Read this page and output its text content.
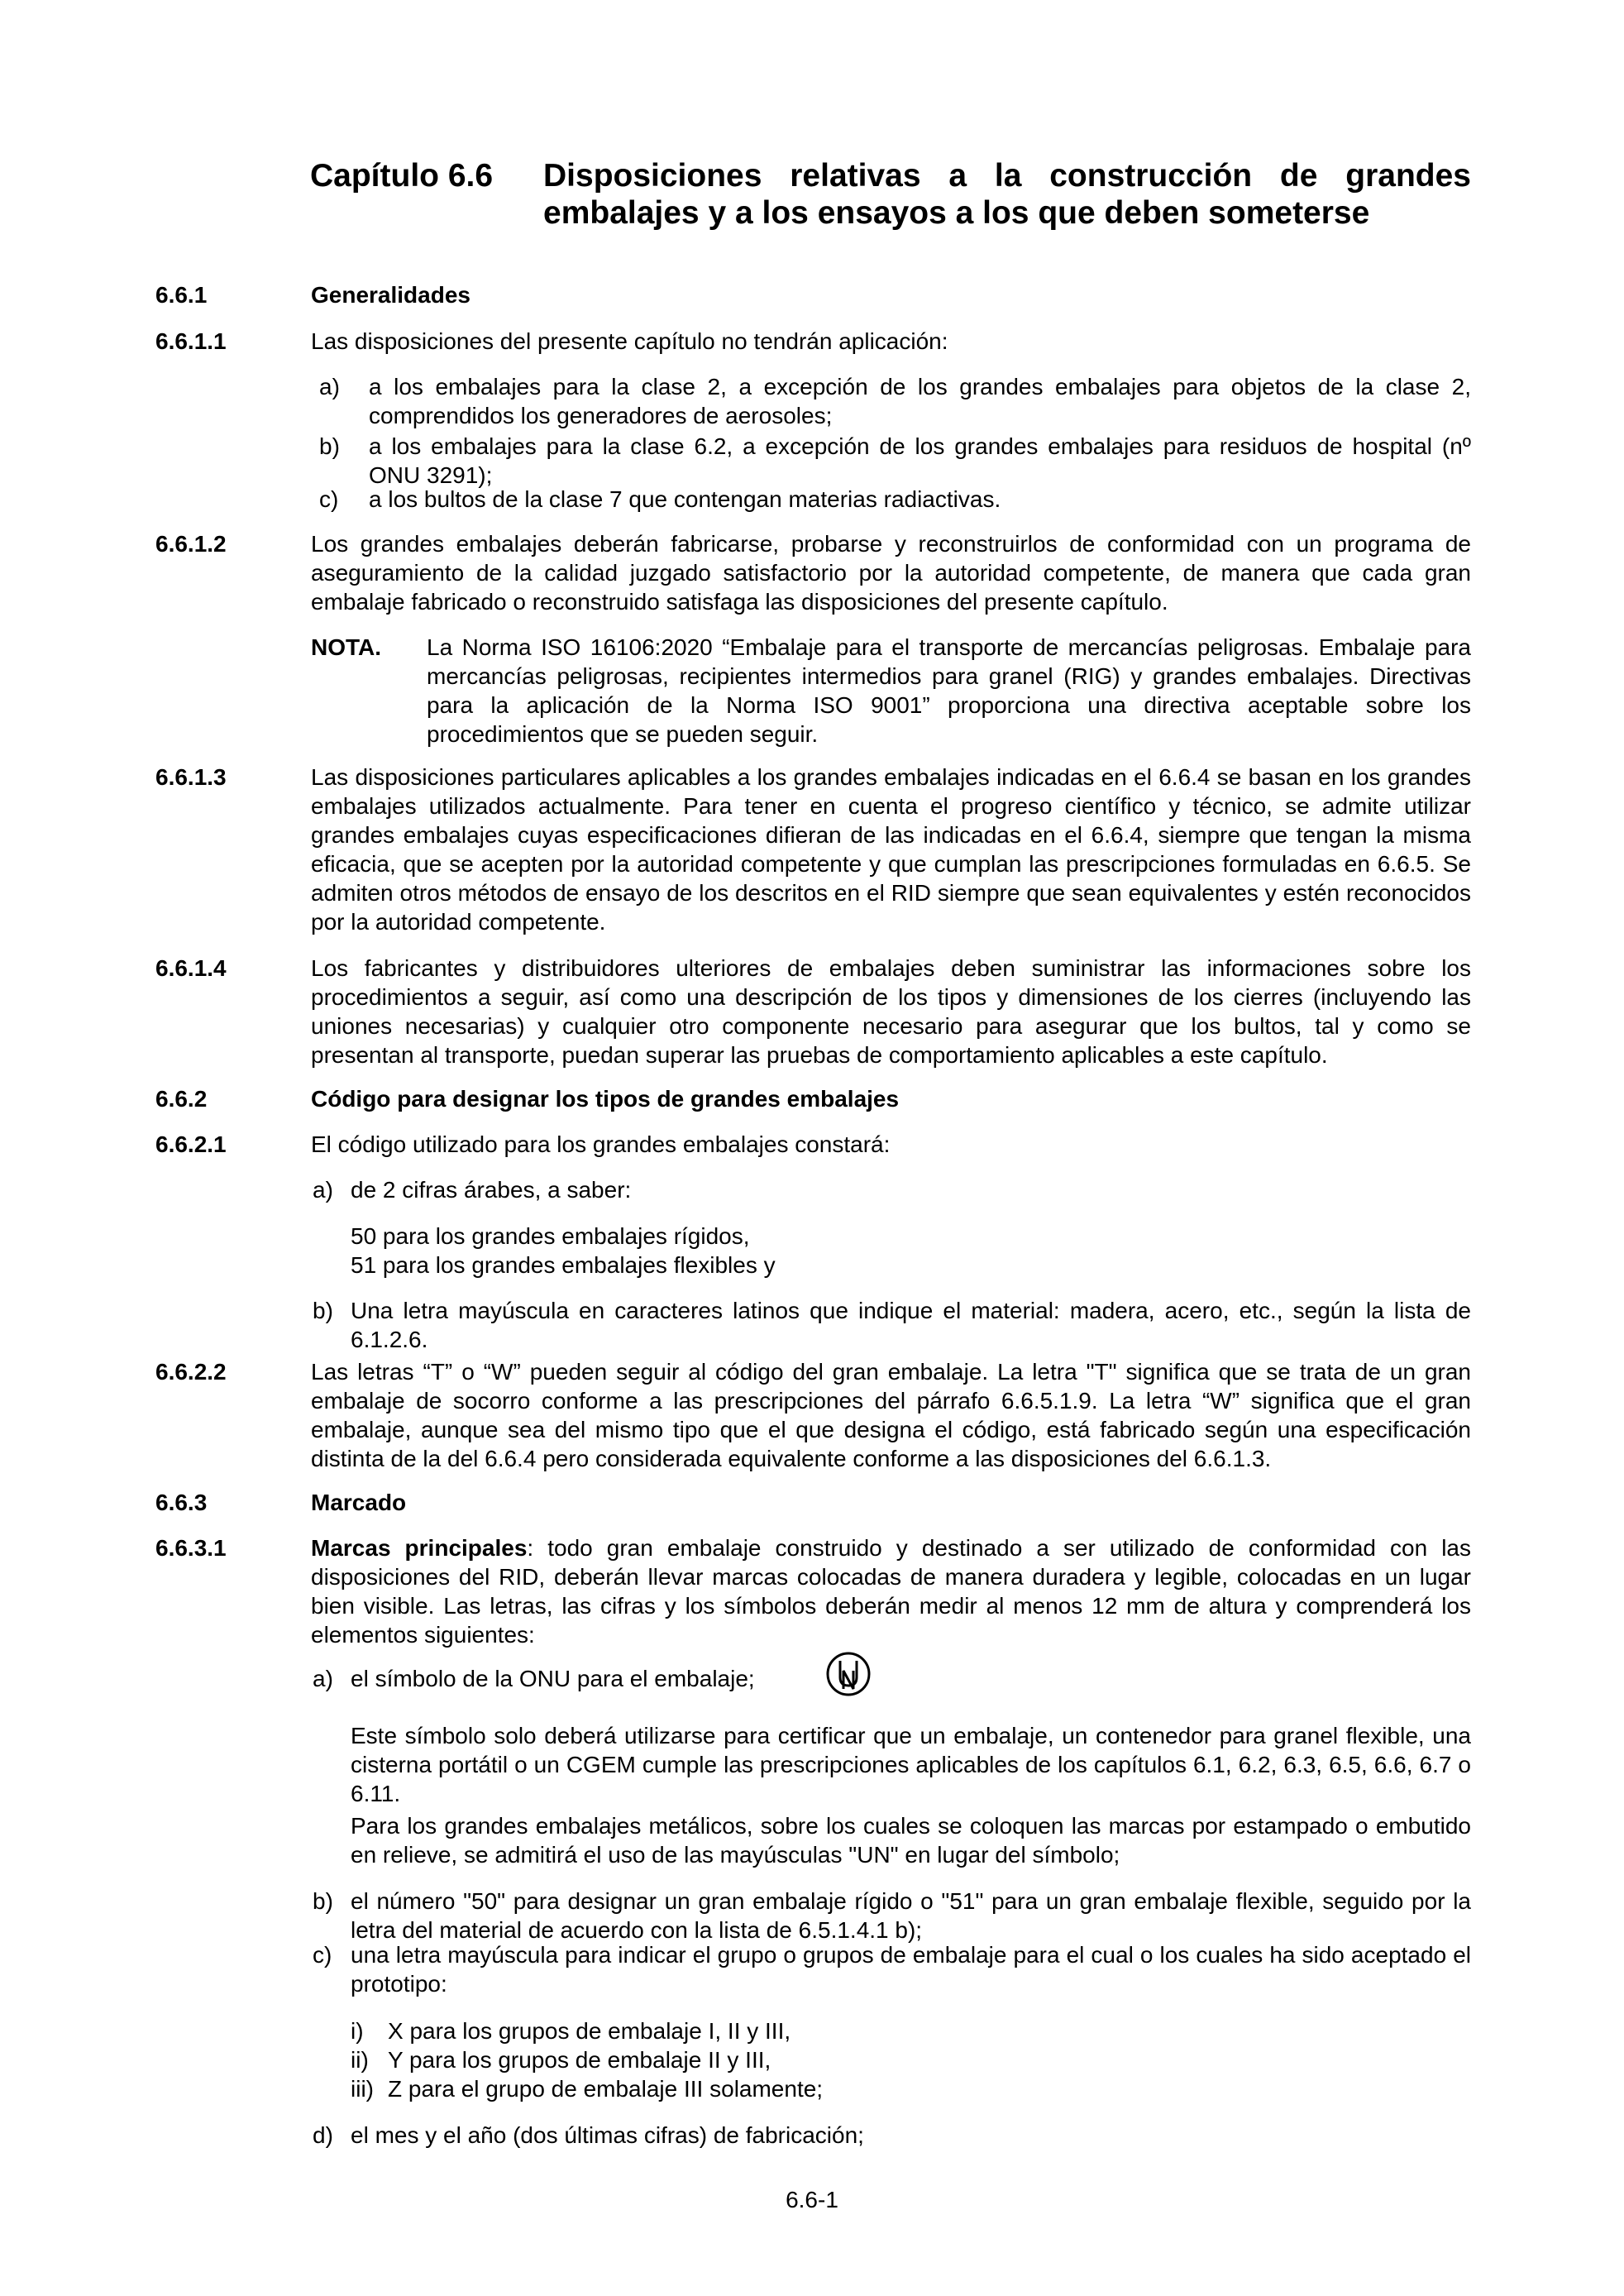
Capítulo 6.6 Disposiciones relativas a la construcción de grandes embalajes y a los ensayos a los que deben someterse
6.6.1	Generalidades
6.6.1.1	Las disposiciones del presente capítulo no tendrán aplicación:
a) a los embalajes para la clase 2, a excepción de los grandes embalajes para objetos de la clase 2, comprendidos los generadores de aerosoles;
b) a los embalajes para la clase 6.2, a excepción de los grandes embalajes para residuos de hospital (nº ONU 3291);
c) a los bultos de la clase 7 que contengan materias radiactivas.
6.6.1.2	Los grandes embalajes deberán fabricarse, probarse y reconstruirlos de conformidad con un programa de aseguramiento de la calidad juzgado satisfactorio por la autoridad competente, de manera que cada gran embalaje fabricado o reconstruido satisfaga las disposiciones del presente capítulo.
NOTA. La Norma ISO 16106:2020 “Embalaje para el transporte de mercancías peligrosas. Embalaje para mercancías peligrosas, recipientes intermedios para granel (RIG) y grandes embalajes. Directivas para la aplicación de la Norma ISO 9001” proporciona una directiva aceptable sobre los procedimientos que se pueden seguir.
6.6.1.3	Las disposiciones particulares aplicables a los grandes embalajes indicadas en el 6.6.4 se basan en los grandes embalajes utilizados actualmente. Para tener en cuenta el progreso científico y técnico, se admite utilizar grandes embalajes cuyas especificaciones difieran de las indicadas en el 6.6.4, siempre que tengan la misma eficacia, que se acepten por la autoridad competente y que cumplan las prescripciones formuladas en 6.6.5. Se admiten otros métodos de ensayo de los descritos en el RID siempre que sean equivalentes y estén reconocidos por la autoridad competente.
6.6.1.4	Los fabricantes y distribuidores ulteriores de embalajes deben suministrar las informaciones sobre los procedimientos a seguir, así como una descripción de los tipos y dimensiones de los cierres (incluyendo las uniones necesarias) y cualquier otro componente necesario para asegurar que los bultos, tal y como se presentan al transporte, puedan superar las pruebas de comportamiento aplicables a este capítulo.
6.6.2	Código para designar los tipos de grandes embalajes
6.6.2.1	El código utilizado para los grandes embalajes constará:
a) de 2 cifras árabes, a saber:
50 para los grandes embalajes rígidos,
51 para los grandes embalajes flexibles y
b) Una letra mayúscula en caracteres latinos que indique el material: madera, acero, etc., según la lista de 6.1.2.6.
6.6.2.2	Las letras “T” o “W” pueden seguir al código del gran embalaje. La letra "T" significa que se trata de un gran embalaje de socorro conforme a las prescripciones del párrafo 6.6.5.1.9. La letra “W” significa que el gran embalaje, aunque sea del mismo tipo que el que designa el código, está fabricado según una especificación distinta de la del 6.6.4 pero considerada equivalente conforme a las disposiciones del 6.6.1.3.
6.6.3	Marcado
6.6.3.1	Marcas principales: todo gran embalaje construido y destinado a ser utilizado de conformidad con las disposiciones del RID, deberán llevar marcas colocadas de manera duradera y legible, colocadas en un lugar bien visible. Las letras, las cifras y los símbolos deberán medir al menos 12 mm de altura y comprenderá los elementos siguientes:
a) el símbolo de la ONU para el embalaje;
Este símbolo solo deberá utilizarse para certificar que un embalaje, un contenedor para granel flexible, una cisterna portátil o un CGEM cumple las prescripciones aplicables de los capítulos 6.1, 6.2, 6.3, 6.5, 6.6, 6.7 o 6.11.
Para los grandes embalajes metálicos, sobre los cuales se coloquen las marcas por estampado o embutido en relieve, se admitirá el uso de las mayúsculas "UN" en lugar del símbolo;
b) el número "50" para designar un gran embalaje rígido o "51" para un gran embalaje flexible, seguido por la letra del material de acuerdo con la lista de 6.5.1.4.1 b);
c) una letra mayúscula para indicar el grupo o grupos de embalaje para el cual o los cuales ha sido aceptado el prototipo:
i) X para los grupos de embalaje I, II y III,
ii) Y para los grupos de embalaje II y III,
iii) Z para el grupo de embalaje III solamente;
d) el mes y el año (dos últimas cifras) de fabricación;
6.6-1
